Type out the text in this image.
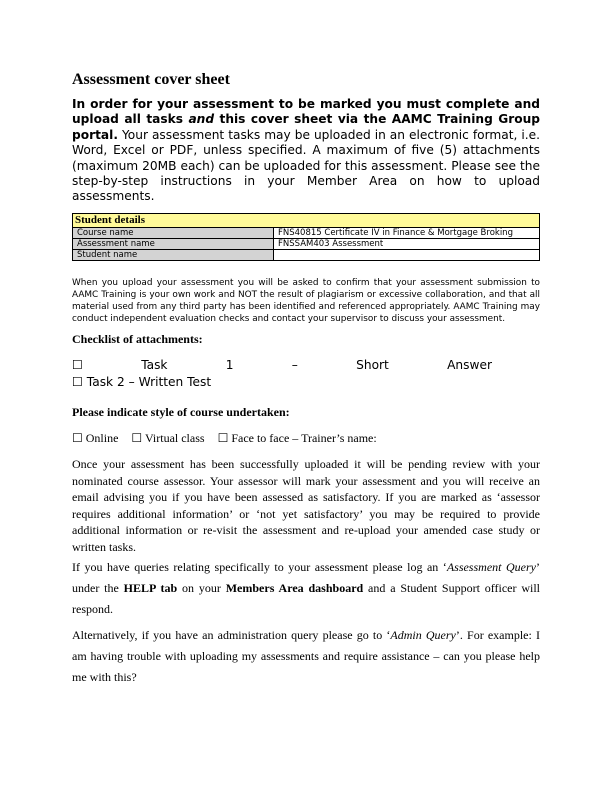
Assessment cover sheet
In order for your assessment to be marked you must complete and upload all tasks and this cover sheet via the AAMC Training Group portal. Your assessment tasks may be uploaded in an electronic format, i.e. Word, Excel or PDF, unless specified. A maximum of five (5) attachments (maximum 20MB each) can be uploaded for this assessment. Please see the step-by-step instructions in your Member Area on how to upload assessments.
Student details	
Course name	FNS40815 Certificate IV in Finance & Mortgage Broking
Assessment name	FNSSAM403 Assessment
Student name	
When you upload your assessment you will be asked to confirm that your assessment submission to AAMC Training is your own work and NOT the result of plagiarism or excessive collaboration, and that all material used from any third party has been identified and referenced appropriately. AAMC Training may conduct independent evaluation checks and contact your supervisor to discuss your assessment.
Checklist of attachments:
☐	Task	1	–	Short	Answer
☐ Task 2 – Written Test
Please indicate style of course undertaken:
☐ Online ☐ Virtual class ☐ Face to face – Trainer’s name:
Once your assessment has been successfully uploaded it will be pending review with your nominated course assessor. Your assessor will mark your assessment and you will receive an email advising you if you have been assessed as satisfactory. If you are marked as ‘assessor requires additional information’ or ‘not yet satisfactory’ you may be required to provide additional information or re-visit the assessment and re-upload your amended case study or written tasks.
If you have queries relating specifically to your assessment please log an ‘Assessment Query’ under the HELP tab on your Members Area dashboard and a Student Support officer will respond.
Alternatively, if you have an administration query please go to ‘Admin Query’. For example: I am having trouble with uploading my assessments and require assistance – can you please help me with this?
